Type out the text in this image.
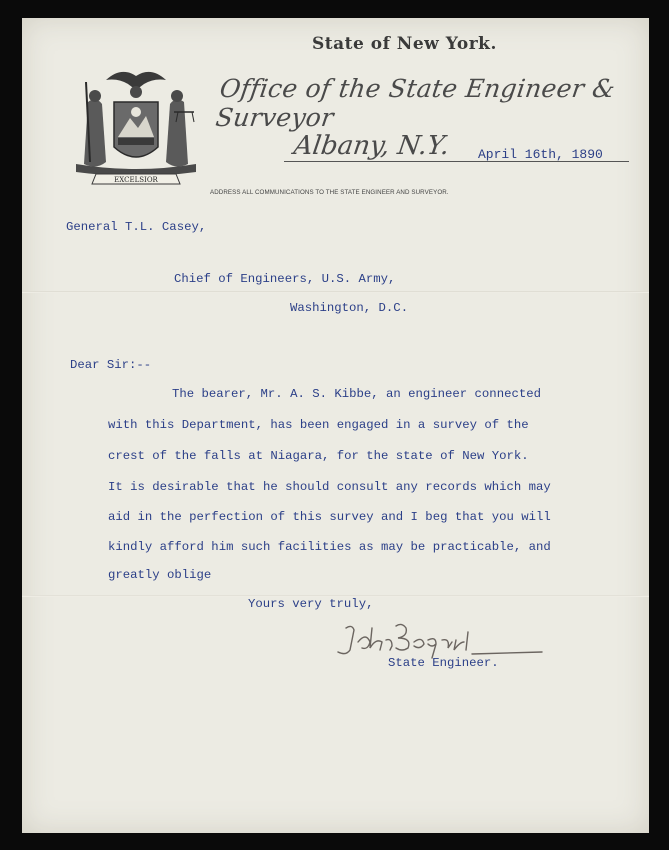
EXCELSIOR
State of New York.
Office of the State Engineer & Surveyor
Albany, N.Y. April 16th, 1890
ADDRESS ALL COMMUNICATIONS TO THE STATE ENGINEER AND SURVEYOR.
General T.L. Casey,
Chief of Engineers, U.S. Army,
Washington, D.C.
Dear Sir:--
The bearer, Mr. A. S. Kibbe, an engineer connected
with this Department, has been engaged in a survey of the
crest of the falls at Niagara, for the state of New York.
It is desirable that he should consult any records which may
aid in the perfection of this survey and I beg that you will
kindly afford him such facilities as may be practicable, and
greatly oblige
Yours very truly,
State Engineer.
